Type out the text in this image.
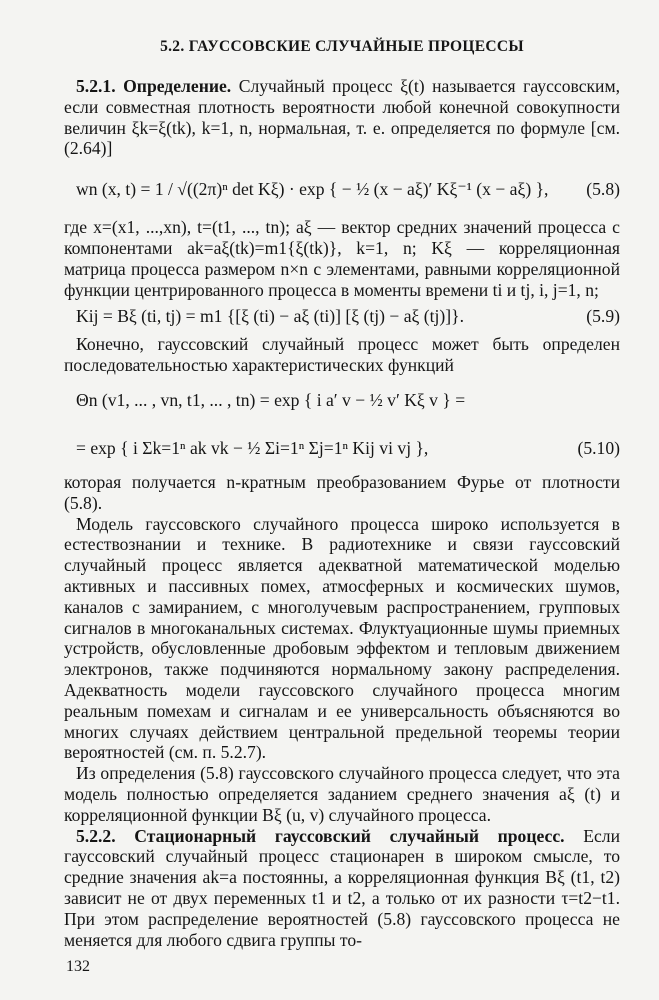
5.2. ГАУССОВСКИЕ СЛУЧАЙНЫЕ ПРОЦЕССЫ

5.2.1. Определение. Случайный процесс ξ(t) называется гауссовским, если совместная плотность вероятности любой конечной совокупности величин ξk=ξ(tk), k=1, n, нормальная, т. е. определяется по формуле [см. (2.64)]

wn (x, t) = 1 / √((2π)ⁿ det Kξ) · exp { − ½ (x − aξ)′ Kξ⁻¹ (x − aξ) }, (5.8)

где x=(x1, ...,xn), t=(t1, ..., tn); aξ — вектор средних значений процесса с компонентами ak=aξ(tk)=m1{ξ(tk)}, k=1, n; Kξ — корреляционная матрица процесса размером n×n с элементами, равными корреляционной функции центрированного процесса в моменты времени ti и tj, i, j=1, n;

Kij = Bξ (ti, tj) = m1 {[ξ (ti) − aξ (ti)] [ξ (tj) − aξ (tj)]}.	(5.9)

Конечно, гауссовский случайный процесс может быть определен последовательностью характеристических функций

Θn (v1, ... , vn, t1, ... , tn) = exp { i a′ v − ½ v′ Kξ v } =
= exp { i Σk=1ⁿ ak vk − ½ Σi=1ⁿ Σj=1ⁿ Kij vi vj },	(5.10)

которая получается n-кратным преобразованием Фурье от плотности (5.8).

Модель гауссовского случайного процесса широко используется в естествознании и технике. В радиотехнике и связи гауссовский случайный процесс является адекватной математической моделью активных и пассивных помех, атмосферных и космических шумов, каналов с замиранием, с многолучевым распространением, групповых сигналов в многоканальных системах. Флуктуационные шумы приемных устройств, обусловленные дробовым эффектом и тепловым движением электронов, также подчиняются нормальному закону распределения. Адекватность модели гауссовского случайного процесса многим реальным помехам и сигналам и ее универсальность объясняются во многих случаях действием центральной предельной теоремы теории вероятностей (см. п. 5.2.7).

Из определения (5.8) гауссовского случайного процесса следует, что эта модель полностью определяется заданием среднего значения aξ (t) и корреляционной функции Bξ (u, v) случайного процесса.

5.2.2. Стационарный гауссовский случайный процесс. Если гауссовский случайный процесс стационарен в широком смысле, то средние значения ak=a постоянны, а корреляционная функция Bξ (t1, t2) зависит не от двух переменных t1 и t2, а только от их разности τ=t2−t1. При этом распределение вероятностей (5.8) гауссовского процесса не меняется для любого сдвига группы то-

132
